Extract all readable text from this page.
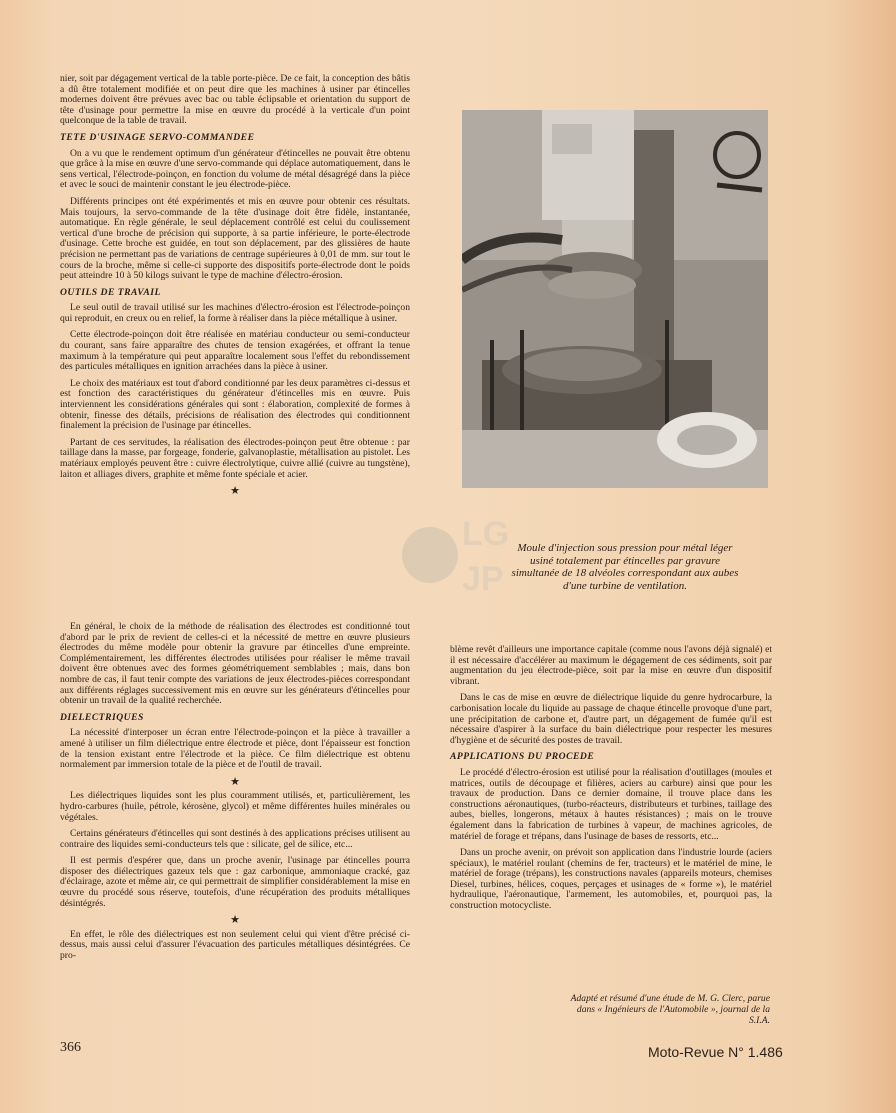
nier, soit par dégagement vertical de la table porte-pièce. De ce fait, la conception des bâtis a dû être totalement modifiée et on peut dire que les machines à usiner par étincelles modernes doivent être prévues avec bac ou table éclipsable et orientation du support de tête d'usinage pour permettre la mise en œuvre du procédé à la verticale d'un point quelconque de la table de travail.

TETE D'USINAGE SERVO-COMMANDEE

On a vu que le rendement optimum d'un générateur d'étincelles ne pouvait être obtenu que grâce à la mise en œuvre d'une servo-commande qui déplace automatiquement, dans le sens vertical, l'électrode-poinçon, en fonction du volume de métal désagrégé dans la pièce et avec le souci de maintenir constant le jeu électrode-pièce.

Différents principes ont été expérimentés et mis en œuvre pour obtenir ces résultats. Mais toujours, la servo-commande de la tête d'usinage doit être fidèle, instantanée, automatique. En règle générale, le seul déplacement contrôlé est celui du coulissement vertical d'une broche de précision qui supporte, à sa partie inférieure, le porte-électrode d'usinage. Cette broche est guidée, en tout son déplacement, par des glissières de haute précision ne permettant pas de variations de centrage supérieures à 0,01 de mm. sur tout le cours de la broche, même si celle-ci supporte des dispositifs porte-électrode dont le poids peut atteindre 10 à 50 kilogs suivant le type de machine d'électro-érosion.

OUTILS DE TRAVAIL

Le seul outil de travail utilisé sur les machines d'électro-érosion est l'électrode-poinçon qui reproduit, en creux ou en relief, la forme à réaliser dans la pièce métallique à usiner.

Cette électrode-poinçon doit être réalisée en matériau conducteur ou semi-conducteur du courant, sans faire apparaître des chutes de tension exagérées, et offrant la tenue maximum à la température qui peut apparaître localement sous l'effet du rebondissement des particules métalliques en ignition arrachées dans la pièce à usiner.

Le choix des matériaux est tout d'abord conditionné par les deux paramètres ci-dessus et est fonction des caractéristiques du générateur d'étincelles mis en œuvre. Puis interviennent les considérations générales qui sont : élaboration, complexité de formes à obtenir, finesse des détails, précisions de réalisation des électrodes qui conditionnent finalement la précision de l'usinage par étincelles.

Partant de ces servitudes, la réalisation des électrodes-poinçon peut être obtenue : par taillage dans la masse, par forgeage, fonderie, galvanoplastie, métallisation au pistolet. Les matériaux employés peuvent être : cuivre électrolytique, cuivre allié (cuivre au tungstène), laiton et alliages divers, graphite et même fonte spéciale et acier.

★

En général, le choix de la méthode de réalisation des électrodes est conditionné tout d'abord par le prix de revient de celles-ci et la nécessité de mettre en œuvre plusieurs électrodes du même modèle pour obtenir la gravure par étincelles d'une empreinte. Complémentairement, les différentes électrodes utilisées pour réaliser le même travail doivent être obtenues avec des formes géométriquement semblables ; mais, dans bon nombre de cas, il faut tenir compte des variations de jeux électrodes-pièces correspondant aux différents réglages successivement mis en œuvre sur les générateurs d'étincelles pour obtenir un travail de la qualité recherchée.

DIELECTRIQUES

La nécessité d'interposer un écran entre l'électrode-poinçon et la pièce à travailler a amené à utiliser un film diélectrique entre électrode et pièce, dont l'épaisseur est fonction de la tension existant entre l'électrode et la pièce. Ce film diélectrique est obtenu normalement par immersion totale de la pièce et de l'outil de travail.

★

Les diélectriques liquides sont les plus couramment utilisés, et, particulièrement, les hydro-carbures (huile, pétrole, kérosène, glycol) et même différentes huiles minérales ou végétales.

Certains générateurs d'étincelles qui sont destinés à des applications précises utilisent au contraire des liquides semi-conducteurs tels que : silicate, gel de silice, etc...

Il est permis d'espérer que, dans un proche avenir, l'usinage par étincelles pourra disposer des diélectriques gazeux tels que : gaz carbonique, ammoniaque cracké, gaz d'éclairage, azote et même air, ce qui permettrait de simplifier considérablement la mise en œuvre du procédé sous réserve, toutefois, d'une récupération des produits métalliques désintégrés.

★

En effet, le rôle des diélectriques est non seulement celui qui vient d'être précisé ci-dessus, mais aussi celui d'assurer l'évacuation des particules métalliques désintégrées. Ce pro-

LG
JP
Moule d'injection sous pression pour métal léger usiné totalement par étincelles par gravure simultanée de 18 alvéoles correspondant aux aubes d'une turbine de ventilation.

blème revêt d'ailleurs une importance capitale (comme nous l'avons déjà signalé) et il est nécessaire d'accélérer au maximum le dégagement de ces sédiments, soit par augmentation du jeu électrode-pièce, soit par la mise en œuvre d'un dispositif vibrant.

Dans le cas de mise en œuvre de diélectrique liquide du genre hydrocarbure, la carbonisation locale du liquide au passage de chaque étincelle provoque d'une part, une précipitation de carbone et, d'autre part, un dégagement de fumée qu'il est nécessaire d'aspirer à la surface du bain diélectrique pour respecter les mesures d'hygiène et de sécurité des postes de travail.

APPLICATIONS DU PROCEDE

Le procédé d'électro-érosion est utilisé pour la réalisation d'outillages (moules et matrices, outils de découpage et filières, aciers au carbure) ainsi que pour les travaux de production. Dans ce dernier domaine, il trouve place dans les constructions aéronautiques, (turbo-réacteurs, distributeurs et turbines, taillage des aubes, bielles, longerons, métaux à hautes résistances) ; mais on le trouve également dans la fabrication de turbines à vapeur, de machines agricoles, de matériel de forage et trépans, dans l'usinage de bases de ressorts, etc...

Dans un proche avenir, on prévoit son application dans l'industrie lourde (aciers spéciaux), le matériel roulant (chemins de fer, tracteurs) et le matériel de mine, le matériel de forage (trépans), les constructions navales (appareils moteurs, chemises Diesel, turbines, hélices, coques, perçages et usinages de « forme »), le matériel hydraulique, l'aéronautique, l'armement, les automobiles, et, pourquoi pas, la construction motocycliste.

Adapté et résumé d'une étude de M. G. Clerc, parue dans « Ingénieurs de l'Automobile », journal de la S.I.A.
366	Moto-Revue N° 1.486
